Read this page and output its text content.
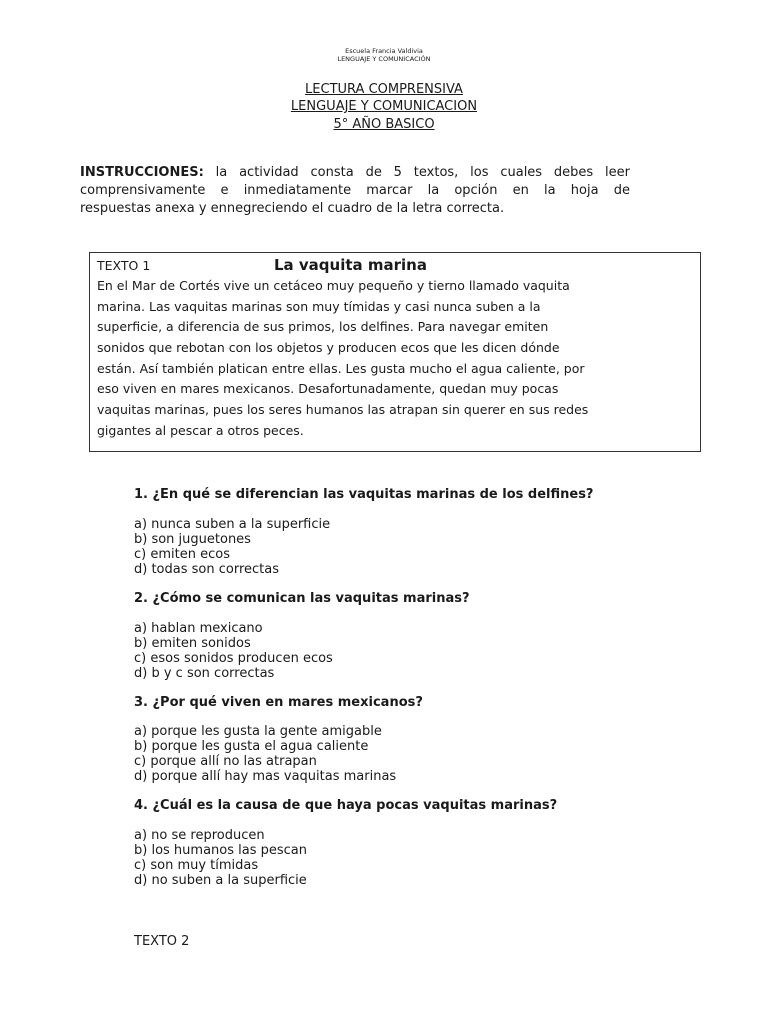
Escuela Francia Valdivia
LENGUAJE Y COMUNICACIÓN
LECTURA COMPRENSIVA
LENGUAJE Y COMUNICACION
5° AÑO BASICO
INSTRUCCIONES: la actividad consta de 5 textos, los cuales debes leer
comprensivamente e inmediatamente marcar la opción en la hoja de
respuestas anexa y ennegreciendo el cuadro de la letra correcta.
TEXTO 1	La vaquita marina
En el Mar de Cortés vive un cetáceo muy pequeño y tierno llamado vaquita
marina. Las vaquitas marinas son muy tímidas y casi nunca suben a la
superficie, a diferencia de sus primos, los delfines. Para navegar emiten
sonidos que rebotan con los objetos y producen ecos que les dicen dónde
están. Así también platican entre ellas. Les gusta mucho el agua caliente, por
eso viven en mares mexicanos. Desafortunadamente, quedan muy pocas
vaquitas marinas, pues los seres humanos las atrapan sin querer en sus redes
gigantes al pescar a otros peces.
1. ¿En qué se diferencian las vaquitas marinas de los delfines?
a) nunca suben a la superficie
b) son juguetones
c) emiten ecos
d) todas son correctas
2. ¿Cómo se comunican las vaquitas marinas?
a) hablan mexicano
b) emiten sonidos
c) esos sonidos producen ecos
d) b y c son correctas
3. ¿Por qué viven en mares mexicanos?
a) porque les gusta la gente amigable
b) porque les gusta el agua caliente
c) porque allí no las atrapan
d) porque allí hay mas vaquitas marinas
4. ¿Cuál es la causa de que haya pocas vaquitas marinas?
a) no se reproducen
b) los humanos las pescan
c) son muy tímidas
d) no suben a la superficie
TEXTO 2
